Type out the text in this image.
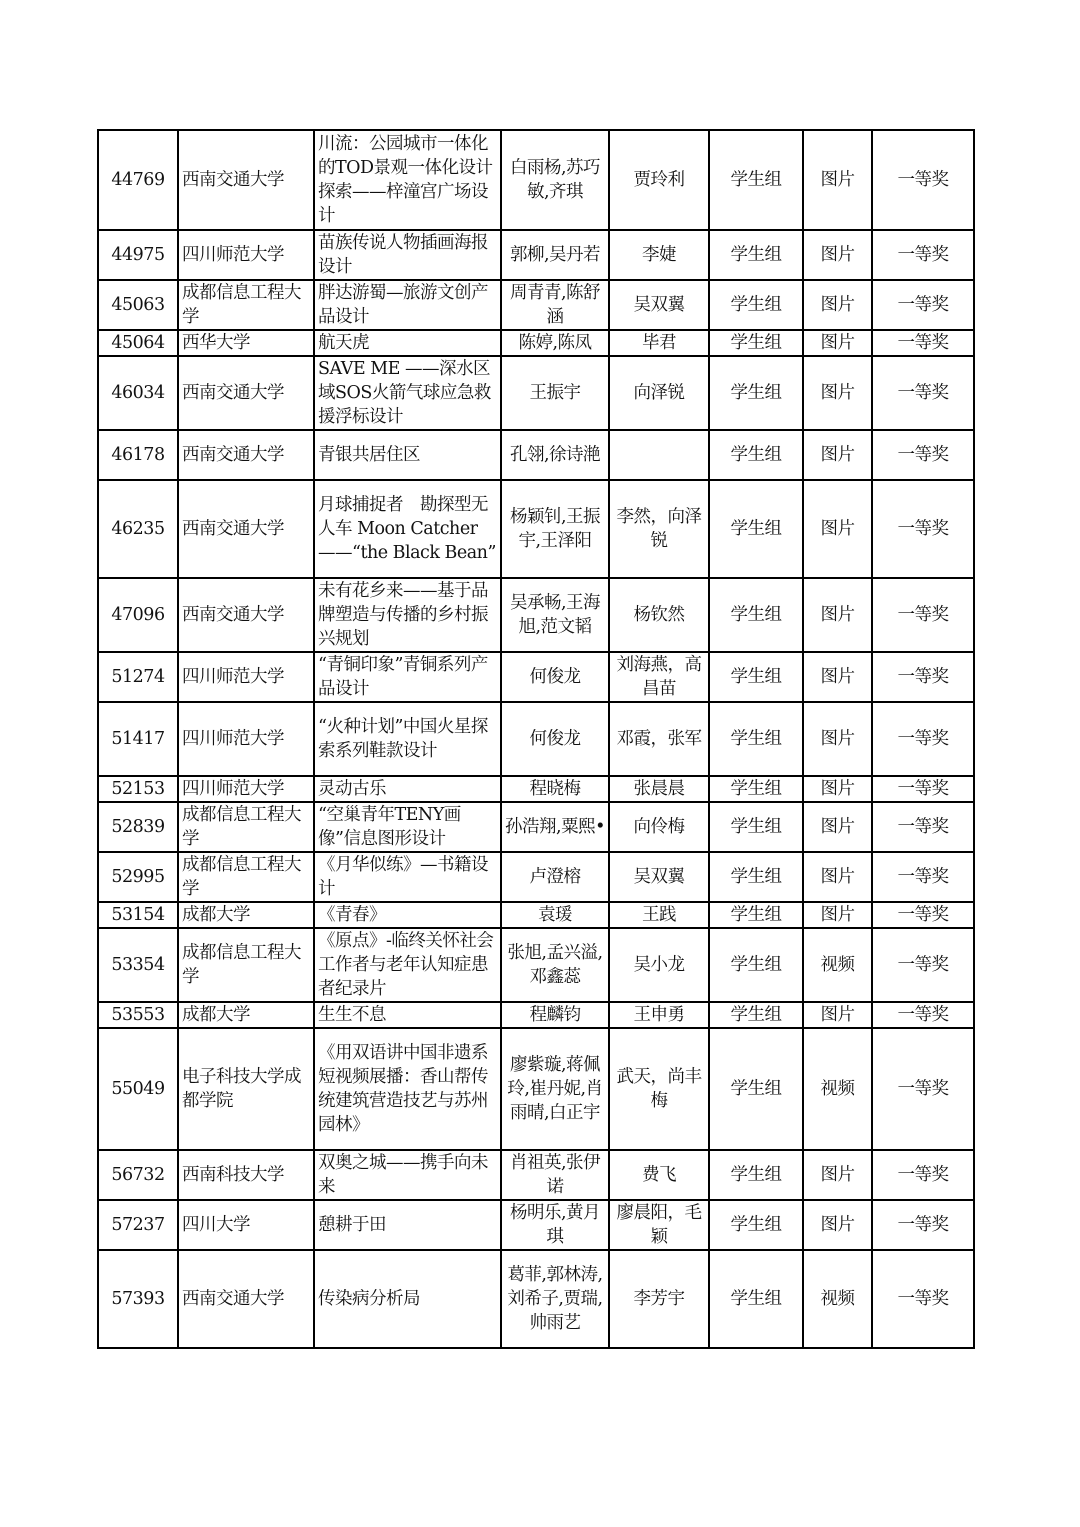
44769	西南交通大学	川流：公园城市一体化的TOD景观一体化设计探索——梓潼宫广场设计	白雨杨,苏巧敏,齐琪	贾玲利	学生组	图片	一等奖
44975	四川师范大学	苗族传说人物插画海报设计	郭柳,吴丹若	李婕	学生组	图片	一等奖
45063	成都信息工程大学	胖达游蜀—旅游文创产品设计	周青青,陈舒涵	吴双翼	学生组	图片	一等奖
45064	西华大学	航天虎	陈婷,陈凤	毕君	学生组	图片	一等奖
46034	西南交通大学	SAVE ME ——深水区域SOS火箭气球应急救援浮标设计	王振宇	向泽锐	学生组	图片	一等奖
46178	西南交通大学	青银共居住区	孔翎,徐诗滟		学生组	图片	一等奖
46235	西南交通大学	月球捕捉者　勘探型无人车 Moon Catcher——“the Black Bean”	杨颖钊,王振宇,王泽阳	李然，向泽锐	学生组	图片	一等奖
47096	西南交通大学	未有花乡来——基于品牌塑造与传播的乡村振兴规划	吴承畅,王海旭,范文韬	杨钦然	学生组	图片	一等奖
51274	四川师范大学	“青铜印象”青铜系列产品设计	何俊龙	刘海燕，高昌苗	学生组	图片	一等奖
51417	四川师范大学	“火种计划”中国火星探索系列鞋款设计	何俊龙	邓霞，张军	学生组	图片	一等奖
52153	四川师范大学	灵动古乐	程晓梅	张晨晨	学生组	图片	一等奖
52839	成都信息工程大学	“空巢青年TENY画像”信息图形设计	孙浩翔,粟熙•	向伶梅	学生组	图片	一等奖
52995	成都信息工程大学	《月华似练》—书籍设计	卢澄榕	吴双翼	学生组	图片	一等奖
53154	成都大学	《青春》	袁瑗	王践	学生组	图片	一等奖
53354	成都信息工程大学	《原点》-临终关怀社会工作者与老年认知症患者纪录片	张旭,孟兴溢,邓鑫蕊	吴小龙	学生组	视频	一等奖
53553	成都大学	生生不息	程麟钧	王申勇	学生组	图片	一等奖
55049	电子科技大学成都学院	《用双语讲中国非遗系短视频展播：香山帮传统建筑营造技艺与苏州园林》	廖紫璇,蒋佩玲,崔丹妮,肖雨晴,白正宇	武天，尚丰梅	学生组	视频	一等奖
56732	西南科技大学	双奥之城——携手向未来	肖祖英,张伊诺	费飞	学生组	图片	一等奖
57237	四川大学	憩耕于田	杨明乐,黄月琪	廖晨阳，毛颖	学生组	图片	一等奖
57393	西南交通大学	传染病分析局	葛菲,郭林涛,刘希子,贾瑞,帅雨艺	李芳宇	学生组	视频	一等奖
